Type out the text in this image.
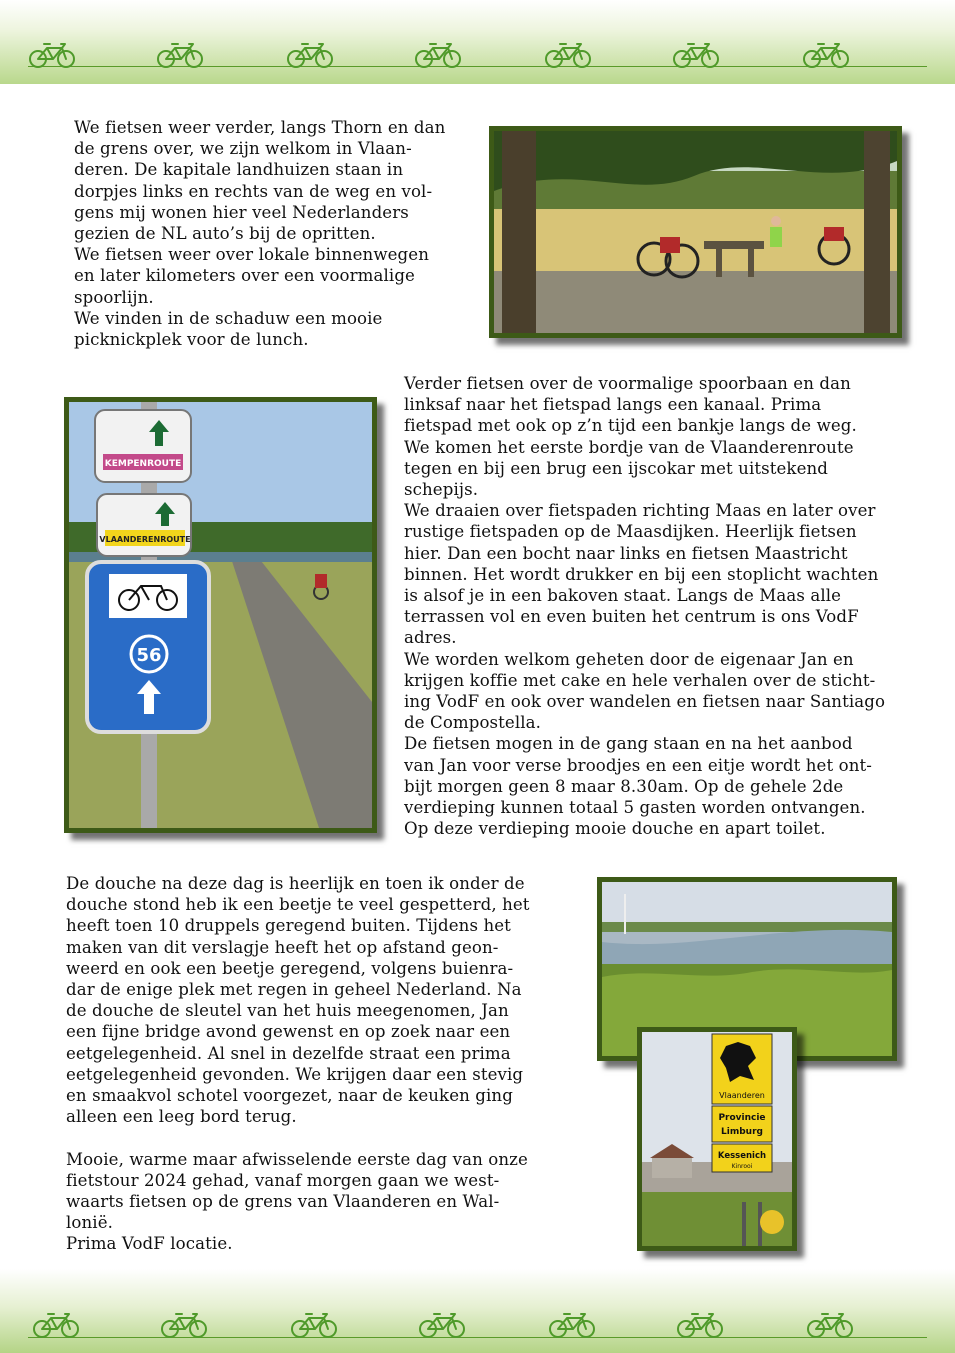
We fietsen weer verder, langs Thorn en dan
de grens over, we zijn welkom in Vlaan-
deren. De kapitale landhuizen staan in
dorpjes links en rechts van de weg en vol-
gens mij wonen hier veel Nederlanders
gezien de NL auto’s bij de opritten.
We fietsen weer over lokale binnenwegen
en later kilometers over een voormalige
spoorlijn.
We vinden in de schaduw een mooie
picknickplek voor de lunch.

KEMPENROUTE
VLAANDERENROUTE
56

Verder fietsen over de voormalige spoorbaan en dan
linksaf naar het fietspad langs een kanaal. Prima
fietspad met ook op z’n tijd een bankje langs de weg.
We komen het eerste bordje van de Vlaanderenroute
tegen en bij een brug een ijscokar met uitstekend
schepijs.
We draaien over fietspaden richting Maas en later over
rustige fietspaden op de Maasdijken. Heerlijk fietsen
hier. Dan een bocht naar links en fietsen Maastricht
binnen. Het wordt drukker en bij een stoplicht wachten
is alsof je in een bakoven staat. Langs de Maas alle
terrassen vol en even buiten het centrum is ons VodF
adres.
We worden welkom geheten door de eigenaar Jan en
krijgen koffie met cake en hele verhalen over de sticht-
ing VodF en ook over wandelen en fietsen naar Santiago
de Compostella.
De fietsen mogen in de gang staan en na het aanbod
van Jan voor verse broodjes en een eitje wordt het ont-
bijt morgen geen 8 maar 8.30am. Op de gehele 2de
verdieping kunnen totaal 5 gasten worden ontvangen.
Op deze verdieping mooie douche en apart toilet.

De douche na deze dag is heerlijk en toen ik onder de
douche stond heb ik een beetje te veel gespetterd, het
heeft toen 10 druppels geregend buiten. Tijdens het
maken van dit verslagje heeft het op afstand geon-
weerd en ook een beetje geregend, volgens buienra-
dar de enige plek met regen in geheel Nederland. Na
de douche de sleutel van het huis meegenomen, Jan
een fijne bridge avond gewenst en op zoek naar een
eetgelegenheid. Al snel in dezelfde straat een prima
eetgelegenheid gevonden. We krijgen daar een stevig
en smaakvol schotel voorgezet, naar de keuken ging
alleen een leeg bord terug.

Mooie, warme maar afwisselende eerste dag van onze
fietstour 2024 gehad, vanaf morgen gaan we west-
waarts fietsen op de grens van Vlaanderen en Wal-
lonië.
Prima VodF locatie.

Vlaanderen
Provincie
Limburg
Kessenich
Kinrooi
